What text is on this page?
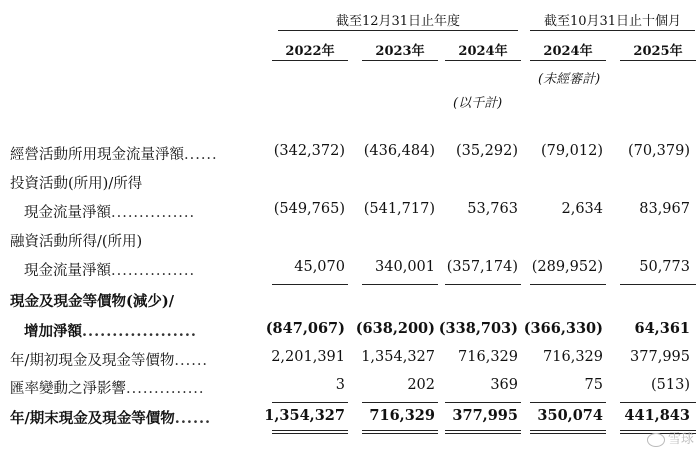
截至12月31日止年度	截至10月31日止十個月
2022年	2023年	2024年	2024年	2025年
(未經審計)
(以千計)
經營活動所用現金流量淨額......	(342,372)	(436,484)	(35,292)	(79,012)	(70,379)
投資活動(所用)/所得
現金流量淨額...............	(549,765)	(541,717)	53,763	2,634	83,967
融資活動所得/(所用)
現金流量淨額...............	45,070	340,001 (357,174) (289,952)	50,773
現金及現金等價物(減少)/
增加淨額...................	(847,067) (638,200) (338,703) (366,330)	64,361
年/期初現金及現金等價物......	2,201,391	1,354,327	716,329	716,329	377,995
匯率變動之淨影響..............	3	202	369	75	(513)
年/期末現金及現金等價物......	1,354,327	716,329	377,995	350,074	441,843
雪球
